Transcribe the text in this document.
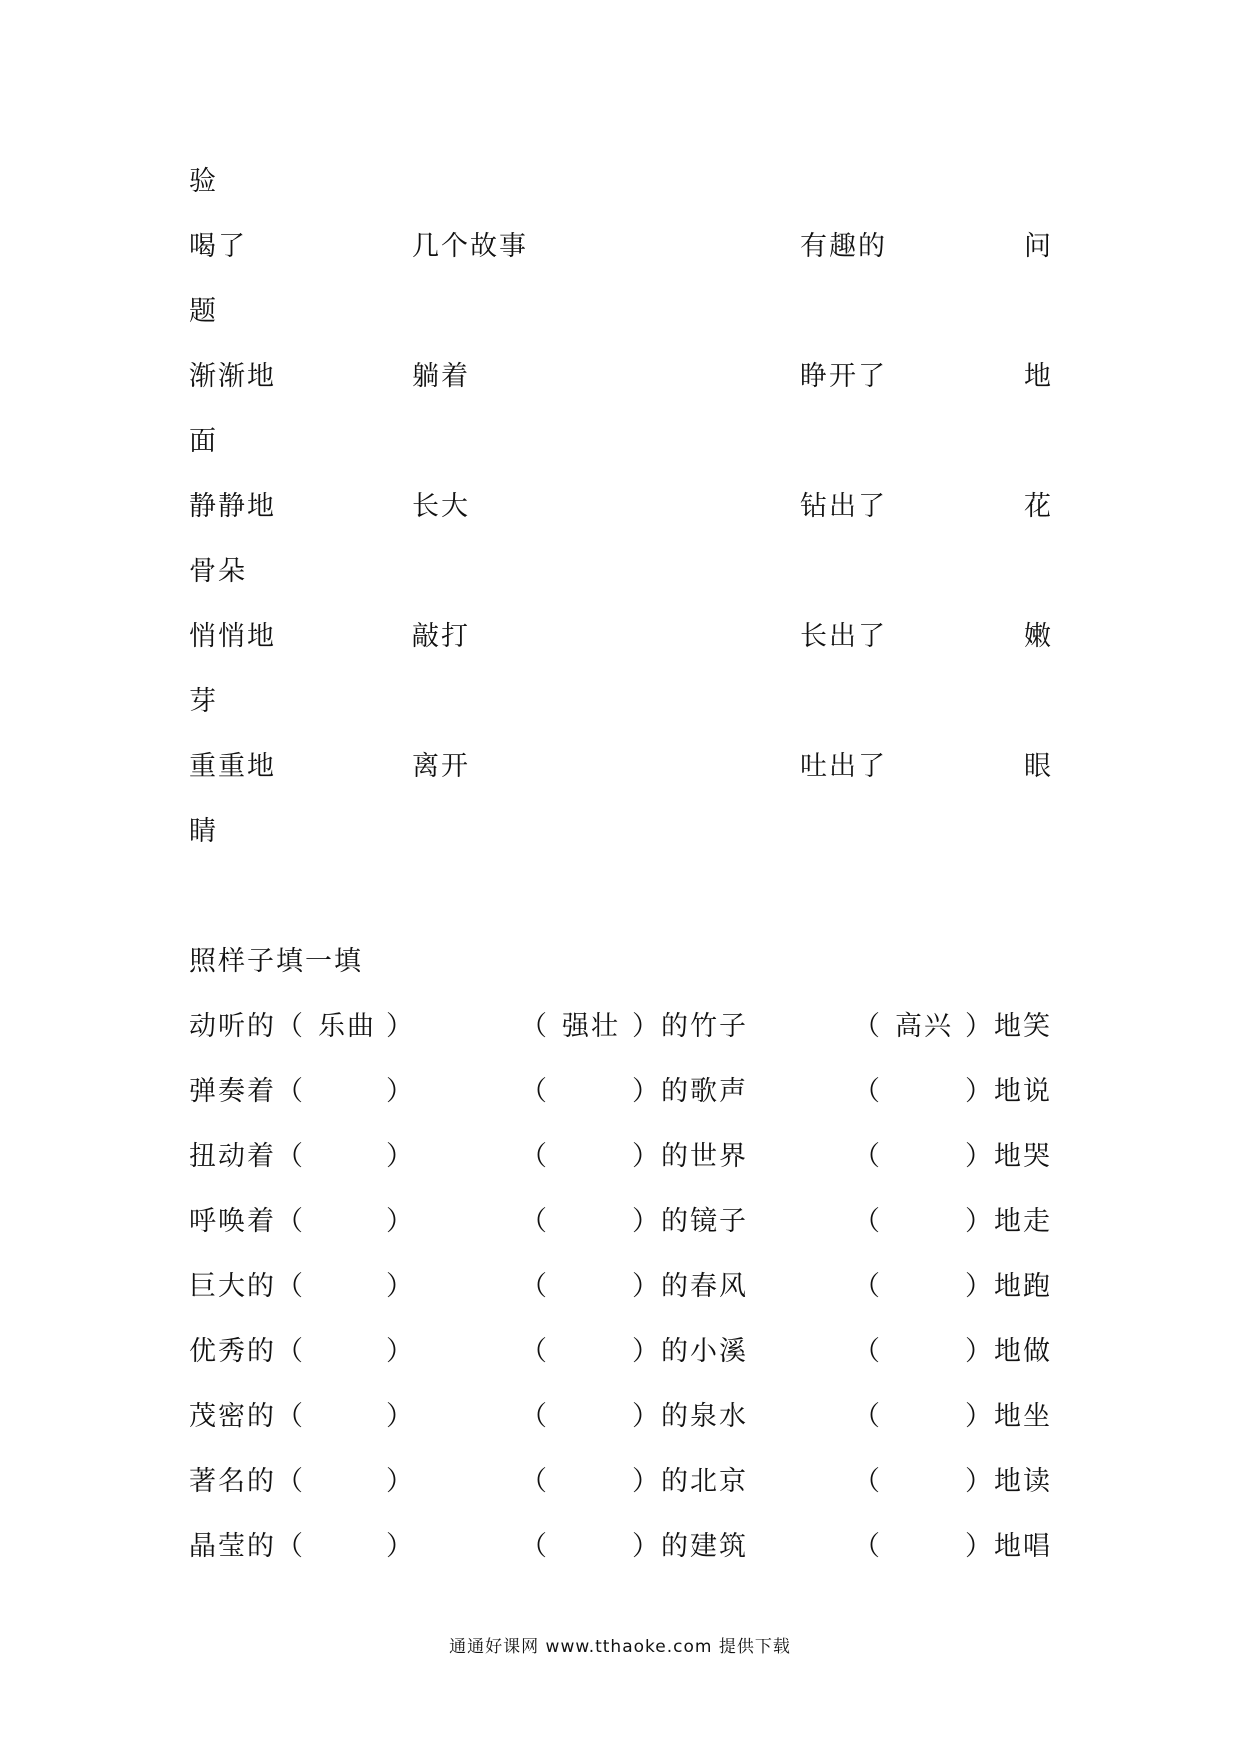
验
喝了	几个故事	有趣的	问
题
渐渐地	躺着	睁开了	地
面
静静地	长大	钻出了	花
骨朵
悄悄地	敲打	长出了	嫩
芽
重重地	离开	吐出了	眼
睛
照样子填一填
动听的（ 乐曲 ）	（ 强壮 ）的竹子	（ 高兴 ）地笑
弹奏着（	）	（	）的歌声	（	）地说
扭动着（	）	（	）的世界	（	）地哭
呼唤着（	）	（	）的镜子	（	）地走
巨大的（	）	（	）的春风	（	）地跑
优秀的（	）	（	）的小溪	（	）地做
茂密的（	）	（	）的泉水	（	）地坐
著名的（	）	（	）的北京	（	）地读
晶莹的（	）	（	）的建筑	（	）地唱
通通好课网 www.tthaoke.com 提供下载
